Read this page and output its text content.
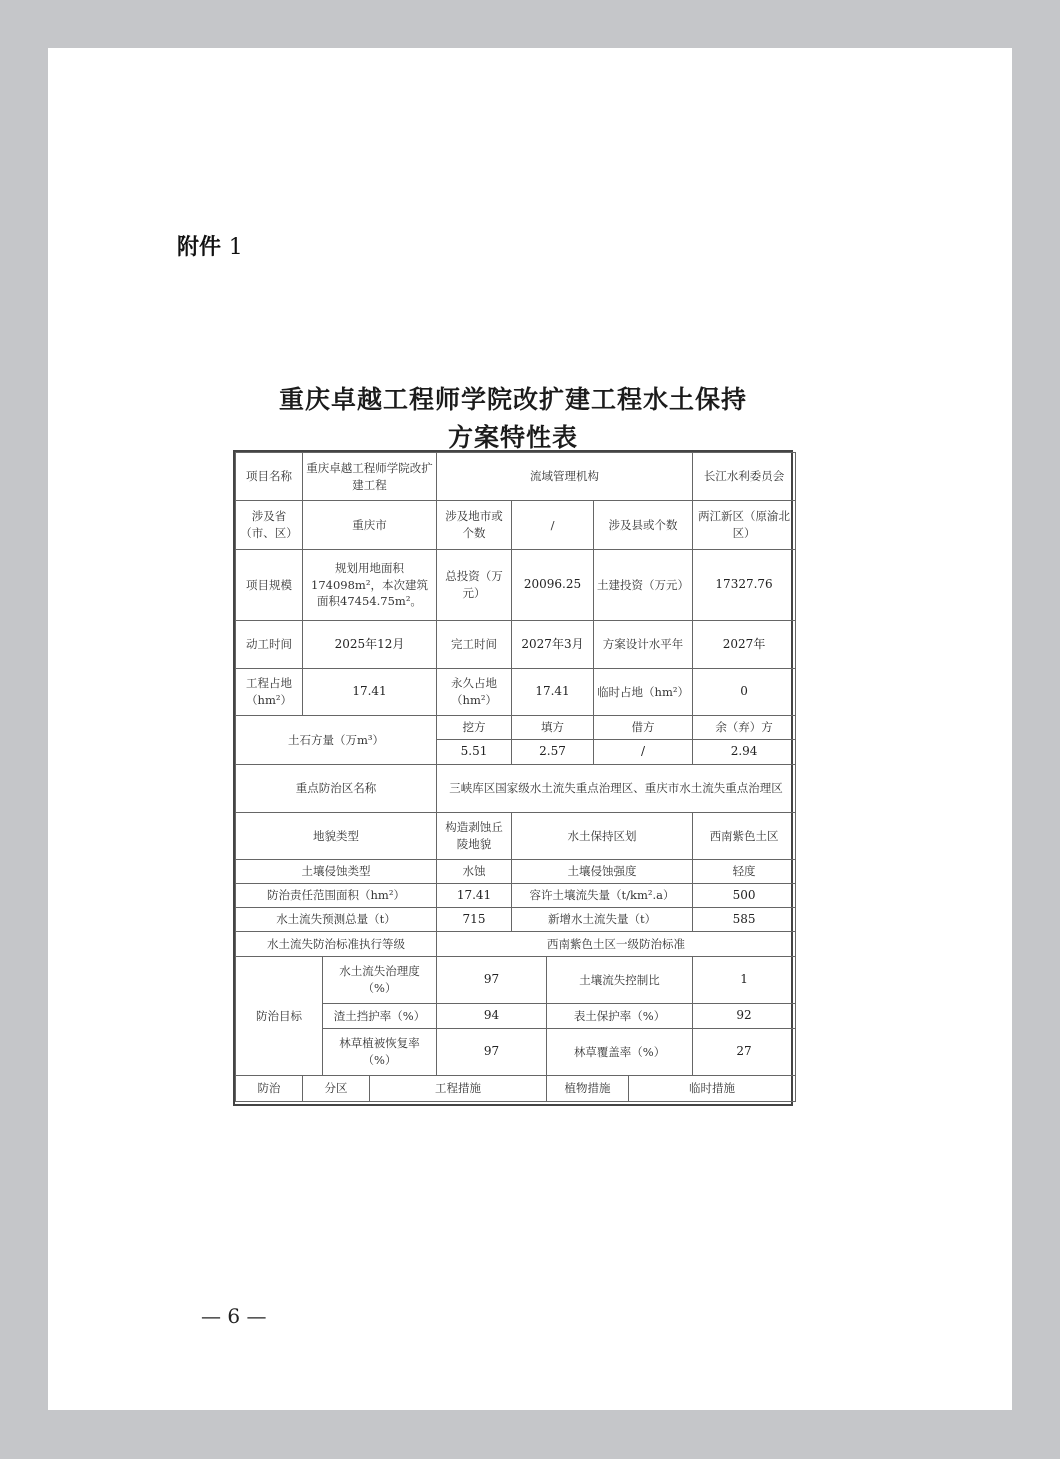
附件 1
重庆卓越工程师学院改扩建工程水土保持
方案特性表
项目名称	重庆卓越工程师学院改扩建工程			流域管理机构					长江水利委员会
涉及省（市、区）	重庆市			涉及地市或个数	/		涉及县或个数		两江新区（原渝北区）
项目规模	规划用地面积174098m²，本次建筑面积47454.75m²。			总投资（万元）	20096.25		土建投资（万元）		17327.76
动工时间	2025年12月			完工时间	2027年3月		方案设计水平年		2027年
工程占地（hm²）	17.41			永久占地（hm²）	17.41		临时占地（hm²）		0
土石方量（万m³）				挖方	填方		借方		余（弃）方
				5.51	2.57		/		2.94
重点防治区名称				三峡库区国家级水土流失重点治理区、重庆市水土流失重点治理区					
地貌类型				构造剥蚀丘陵地貌	水土保持区划				西南紫色土区
土壤侵蚀类型				水蚀	土壤侵蚀强度				轻度
防治责任范围面积（hm²）				17.41	容许土壤流失量（t/km².a）				500
水土流失预测总量（t）				715	新增水土流失量（t）				585
水土流失防治标准执行等级				西南紫色土区一级防治标准					
防治目标		水土流失治理度（%）		97		土壤流失控制比			1
		渣土挡护率（%）		94		表土保护率（%）			92
		林草植被恢复率（%）		97		林草覆盖率（%）			27
防治	分区		工程措施			植物措施		临时措施	
— 6 —
